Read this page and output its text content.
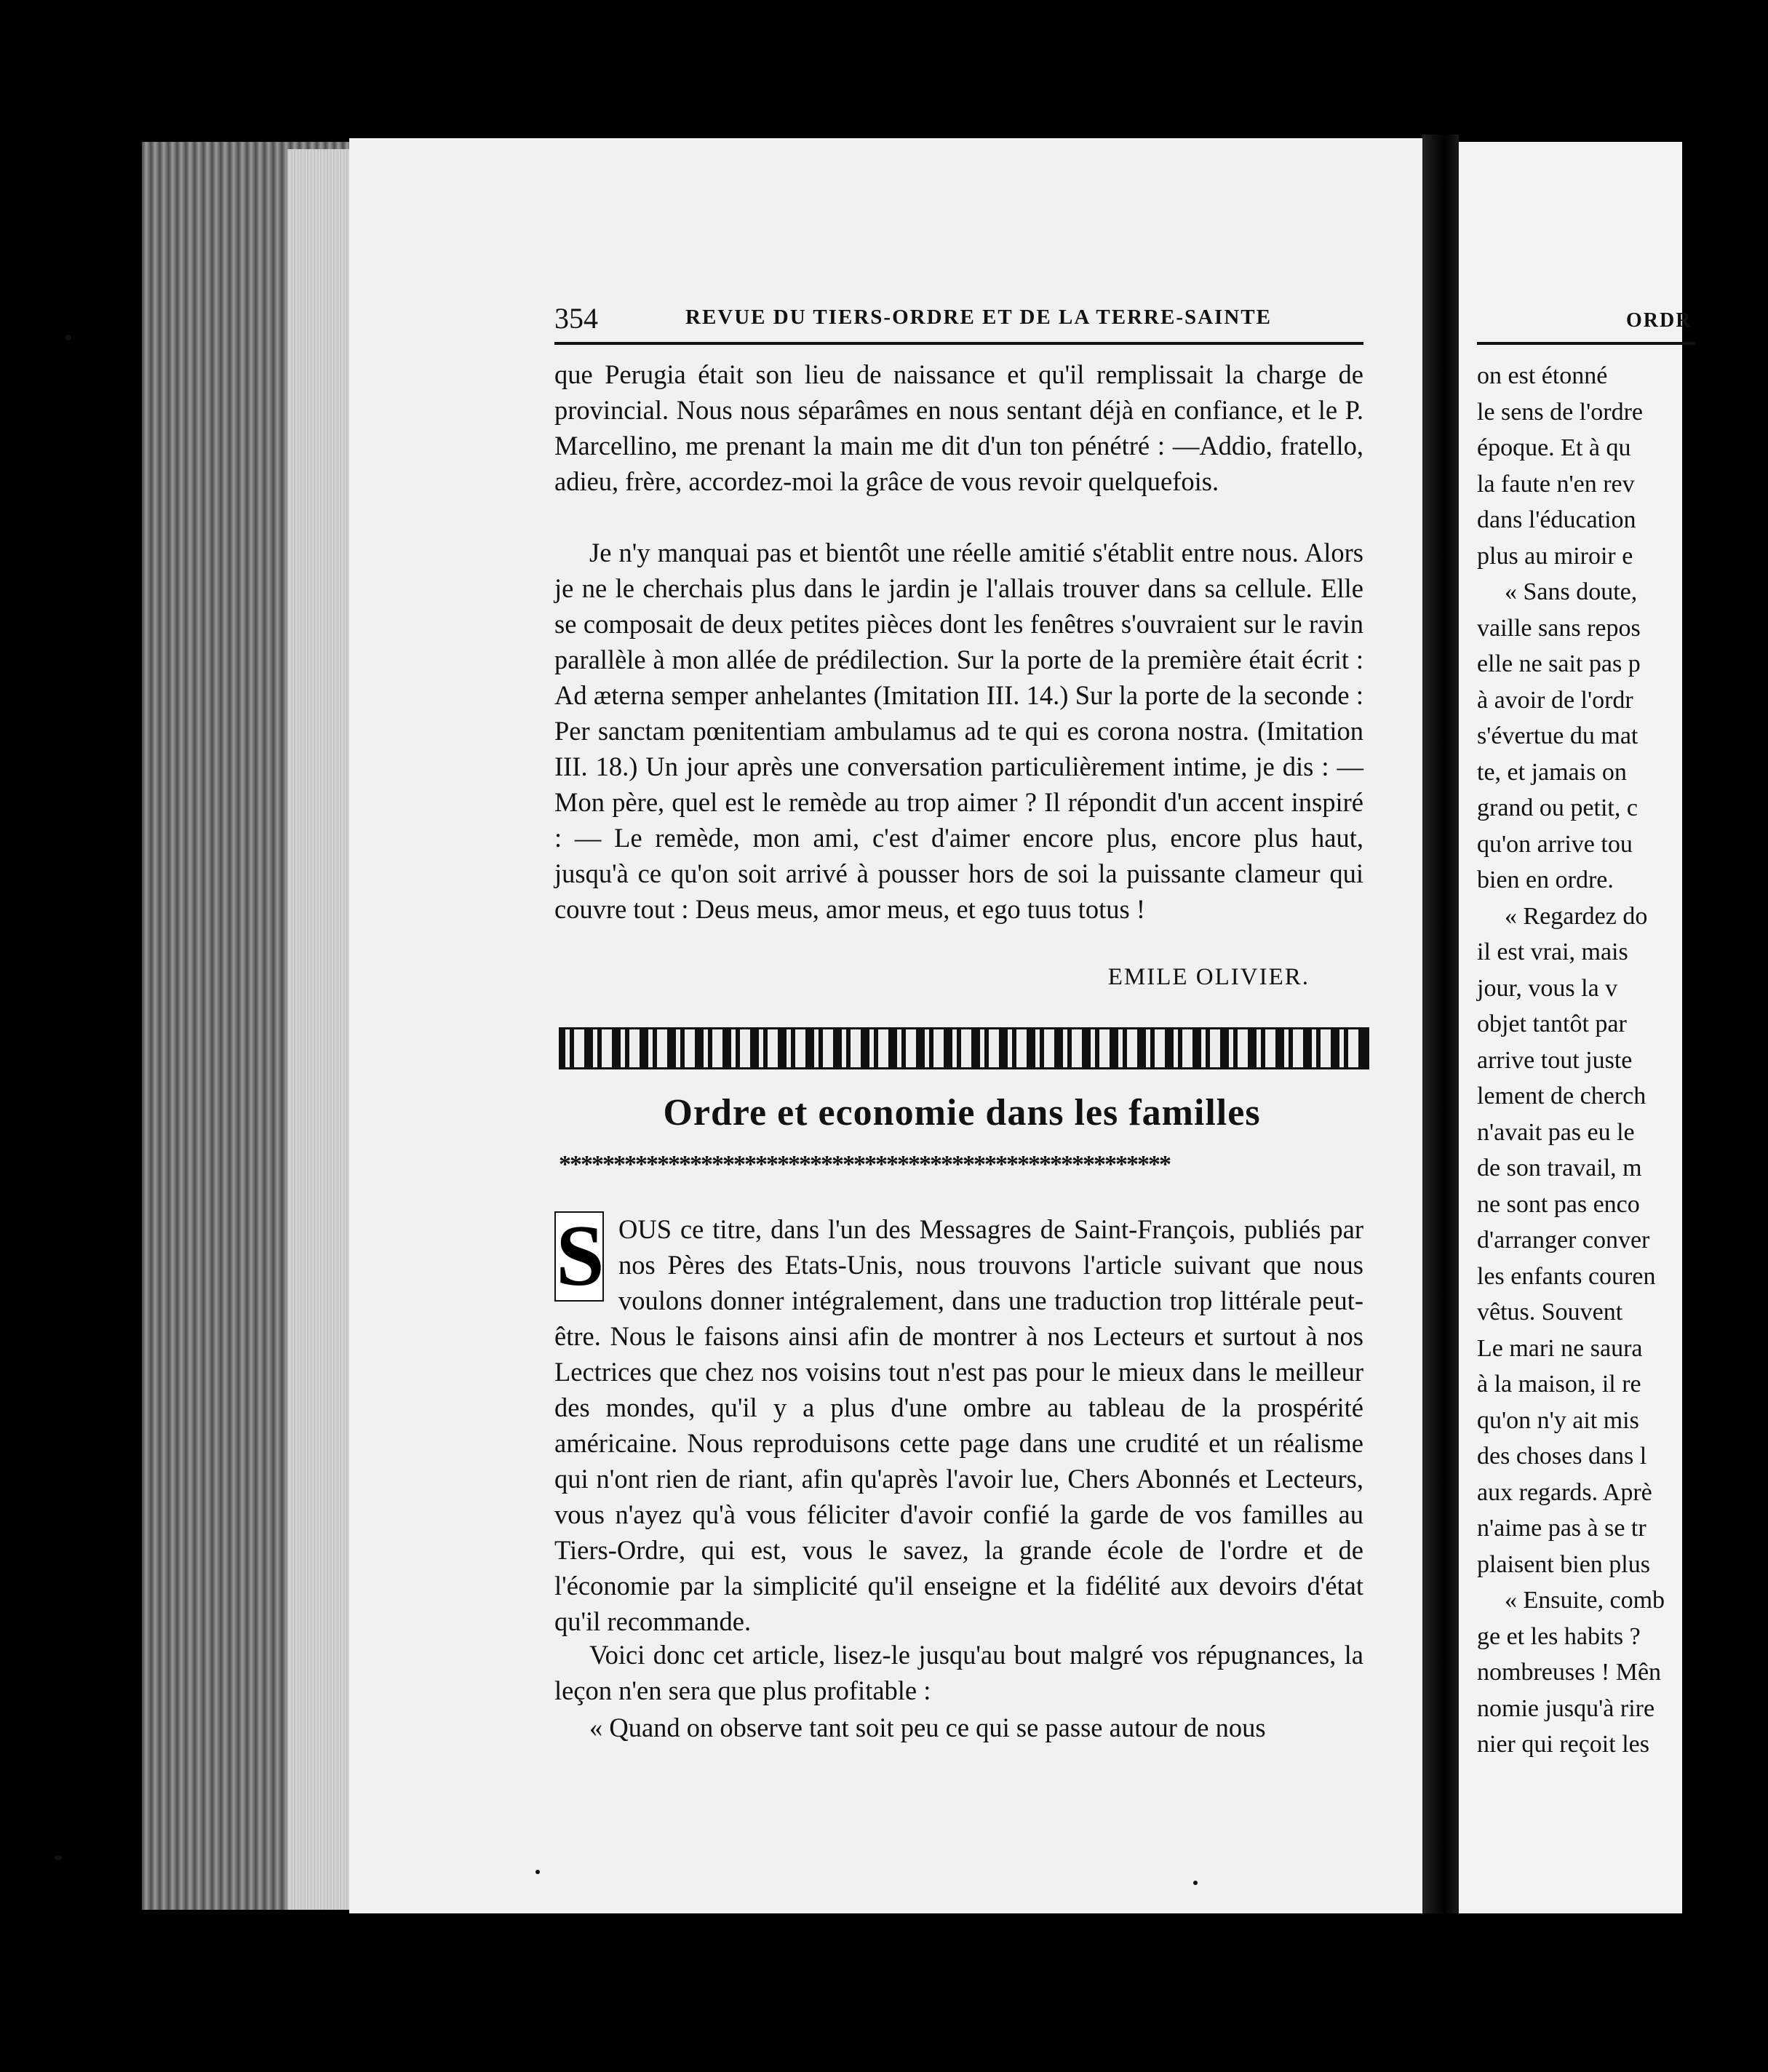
354	REVUE DU TIERS-ORDRE ET DE LA TERRE-SAINTE

que Perugia était son lieu de naissance et qu'il remplissait la charge de provincial. Nous nous séparâmes en nous sentant déjà en confiance, et le P. Marcellino, me prenant la main me dit d'un ton pénétré : —Addio, fratello, adieu, frère, accordez-moi la grâce de vous revoir quelquefois.

Je n'y manquai pas et bientôt une réelle amitié s'établit entre nous. Alors je ne le cherchais plus dans le jardin je l'allais trouver dans sa cellule. Elle se composait de deux petites pièces dont les fenêtres s'ouvraient sur le ravin parallèle à mon allée de prédilection. Sur la porte de la première était écrit : Ad æterna semper anhelantes (Imitation III. 14.) Sur la porte de la seconde : Per sanctam pœnitentiam ambulamus ad te qui es corona nostra. (Imitation III. 18.) Un jour après une conversation particulièrement intime, je dis : — Mon père, quel est le remède au trop aimer ? Il répondit d'un accent inspiré : — Le remède, mon ami, c'est d'aimer encore plus, encore plus haut, jusqu'à ce qu'on soit arrivé à pousser hors de soi la puissante clameur qui couvre tout : Deus meus, amor meus, et ego tuus totus !

EMILE OLIVIER.
Ordre et economie dans les familles
********************************************************

OUS ce titre, dans l'un des Messagres de Saint-François, publiés par nos Pères des Etats-Unis, nous trouvons l'article suivant que nous voulons donner intégralement, dans une traduction trop littérale peut-être. Nous le faisons ainsi afin de montrer à nos Lecteurs et surtout à nos Lectrices que chez nos voisins tout n'est pas pour le mieux dans le meilleur des mondes, qu'il y a plus d'une ombre au tableau de la prospérité américaine. Nous reproduisons cette page dans une crudité et un réalisme qui n'ont rien de riant, afin qu'après l'avoir lue, Chers Abonnés et Lecteurs, vous n'ayez qu'à vous féliciter d'avoir confié la garde de vos familles au Tiers-Ordre, qui est, vous le savez, la grande école de l'ordre et de l'économie par la simplicité qu'il enseigne et la fidélité aux devoirs d'état qu'il recommande.

S

Voici donc cet article, lisez-le jusqu'au bout malgré vos répugnances, la leçon n'en sera que plus profitable :

« Quand on observe tant soit peu ce qui se passe autour de nous

ORDR
on est étonné
le sens de l'ordre
époque. Et à qu
la faute n'en rev
dans l'éducation
plus au miroir e
« Sans doute,
vaille sans repos
elle ne sait pas p
à avoir de l'ordr
s'évertue du mat
te, et jamais on
grand ou petit, c
qu'on arrive tou
bien en ordre.
« Regardez do
il est vrai, mais
jour, vous la v
objet tantôt par
arrive tout juste
lement de cherch
n'avait pas eu le
de son travail, m
ne sont pas enco
d'arranger conver
les enfants couren
vêtus. Souvent
Le mari ne saura
à la maison, il re
qu'on n'y ait mis
des choses dans l
aux regards. Aprè
n'aime pas à se tr
plaisent bien plus
« Ensuite, comb
ge et les habits ?
nombreuses ! Mên
nomie jusqu'à rire
nier qui reçoit les
